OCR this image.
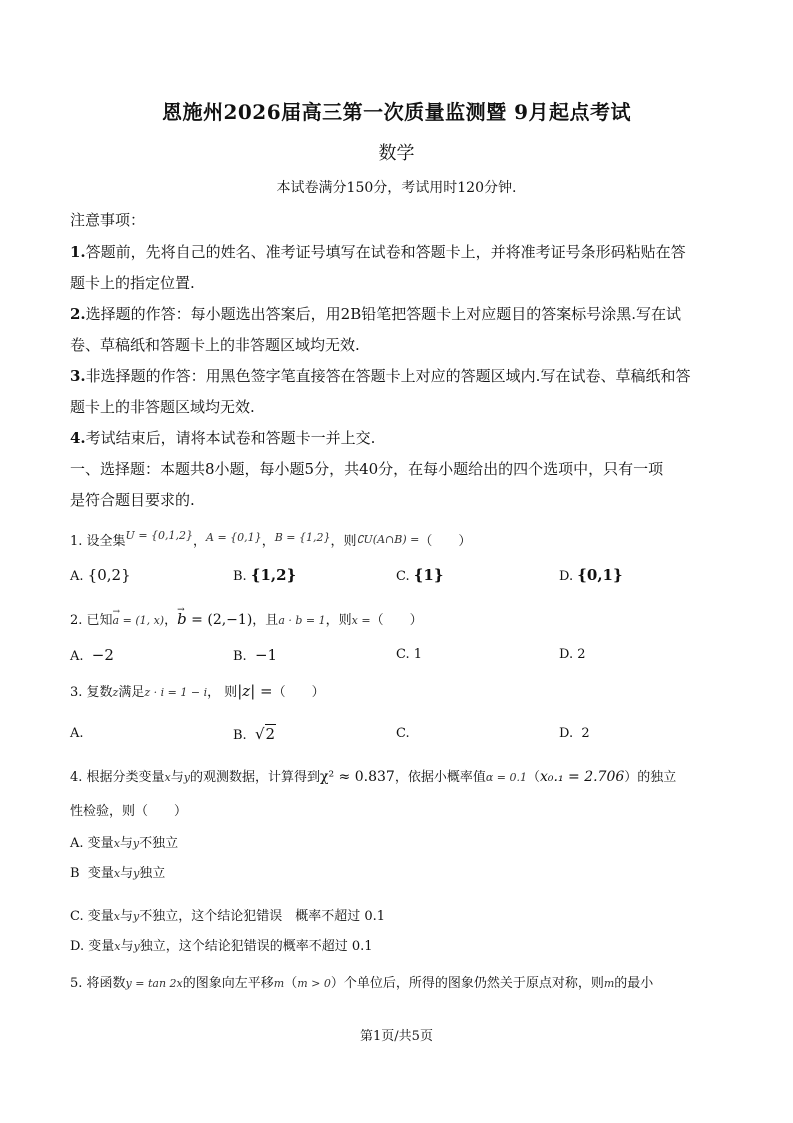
恩施州2026届高三第一次质量监测暨 9月起点考试
数学
本试卷满分150分，考试用时120分钟.
注意事项：
1.答题前，先将自己的姓名、准考证号填写在试卷和答题卡上，并将准考证号条形码粘贴在答
题卡上的指定位置.
2.选择题的作答：每小题选出答案后，用2B铅笔把答题卡上对应题目的答案标号涂黑.写在试
卷、草稿纸和答题卡上的非答题区域均无效.
3.非选择题的作答：用黑色签字笔直接答在答题卡上对应的答题区域内.写在试卷、草稿纸和答
题卡上的非答题区域均无效.
4.考试结束后，请将本试卷和答题卡一并上交.
一、选择题：本题共8小题，每小题5分，共40分，在每小题给出的四个选项中，只有一项
是符合题目要求的.
1. 设全集$^{U = \{0,1,2\}}$，$^{A = \{0,1\}}$，$^{B = \{1,2\}}$，则∁U(A∩B) =（　　）
A. {0,2}	B. {1,2}	C. {1}	D. {0,1}
2. 已知→ a = (1, x)，→ b = (2,−1)，且a · b = 1，则x =（　　）
A. −2	B. −1	C. 1	D. 2
3. 复数z满足z · i = 1 − i， 则|z| =（　　）
A.	B. √2	C.	D. 2
4. 根据分类变量x与y的观测数据，计算得到χ² ≈ 0.837，依据小概率值α = 0.1（x₀.₁ = 2.706）的独立
性检验，则（　　）
A. 变量x与y不独立
B 变量x与y独立
C. 变量x与y不独立，这个结论犯错误　概率不超过 0.1
D. 变量x与y独立，这个结论犯错误的概率不超过 0.1
5. 将函数y = tan 2x的图象向左平移m（m > 0）个单位后，所得的图象仍然关于原点对称，则m的最小
第1页/共5页
